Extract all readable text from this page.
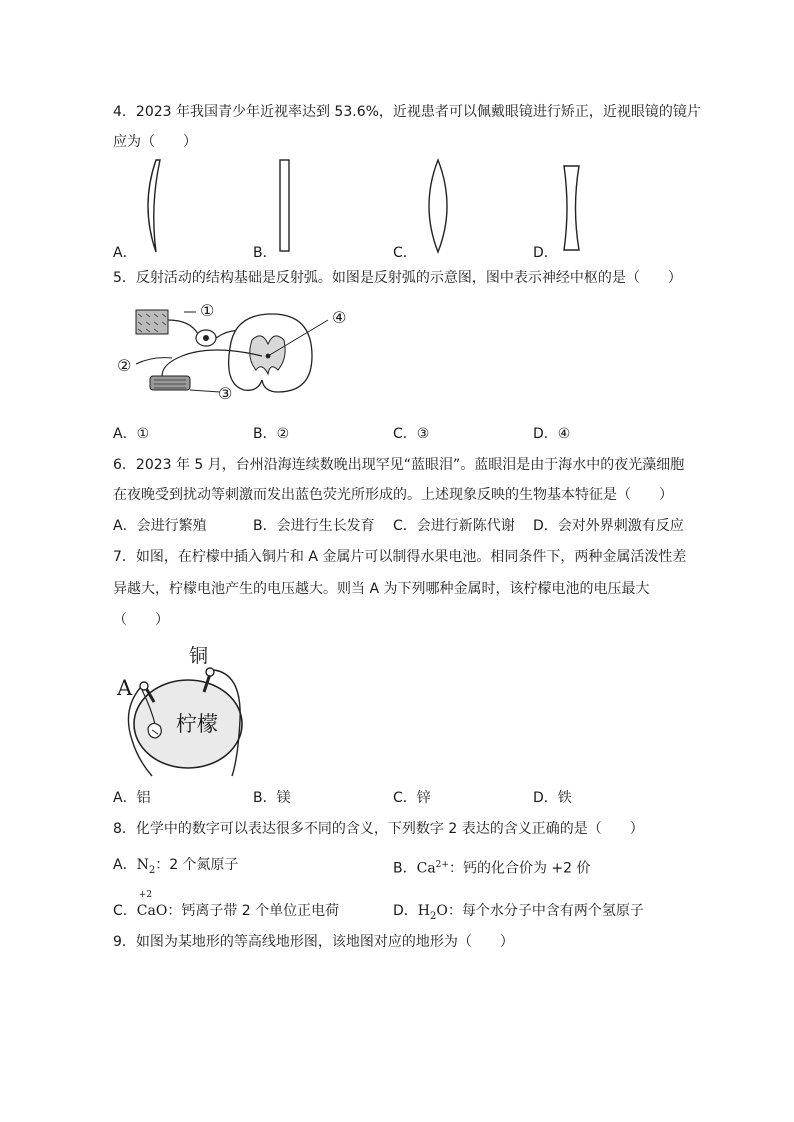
4．2023 年我国青少年近视率达到 53.6%，近视患者可以佩戴眼镜进行矫正，近视眼镜的镜片
应为（　　）
A．	B．	C．	D．
5．反射活动的结构基础是反射弧。如图是反射弧的示意图，图中表示神经中枢的是（　　）
①
②
③
④
A．①	B．②	C．③	D．④
6．2023 年 5 月，台州沿海连续数晚出现罕见“蓝眼泪”。蓝眼泪是由于海水中的夜光藻细胞
在夜晚受到扰动等刺激而发出蓝色荧光所形成的。上述现象反映的生物基本特征是（　　）
A．会进行繁殖	B．会进行生长发育 C．会进行新陈代谢 D．会对外界刺激有反应
7．如图，在柠檬中插入铜片和 A 金属片可以制得水果电池。相同条件下，两种金属活泼性差
异越大，柠檬电池产生的电压越大。则当 A 为下列哪种金属时，该柠檬电池的电压最大
（　　）
A
铜
柠檬
A．铝	B．镁	C．锌	D．铁
8．化学中的数字可以表达很多不同的含义，下列数字 2 表达的含义正确的是（　　）
A．$N_2$：2 个氮原子	B．$Ca^{2+}$：钙的化合价为 +2 价
C．
+2
CaO：钙离子带 2 个单位正电荷	D．$H_2O$：每个水分子中含有两个氢原子
9．如图为某地形的等高线地形图，该地图对应的地形为（　　）
